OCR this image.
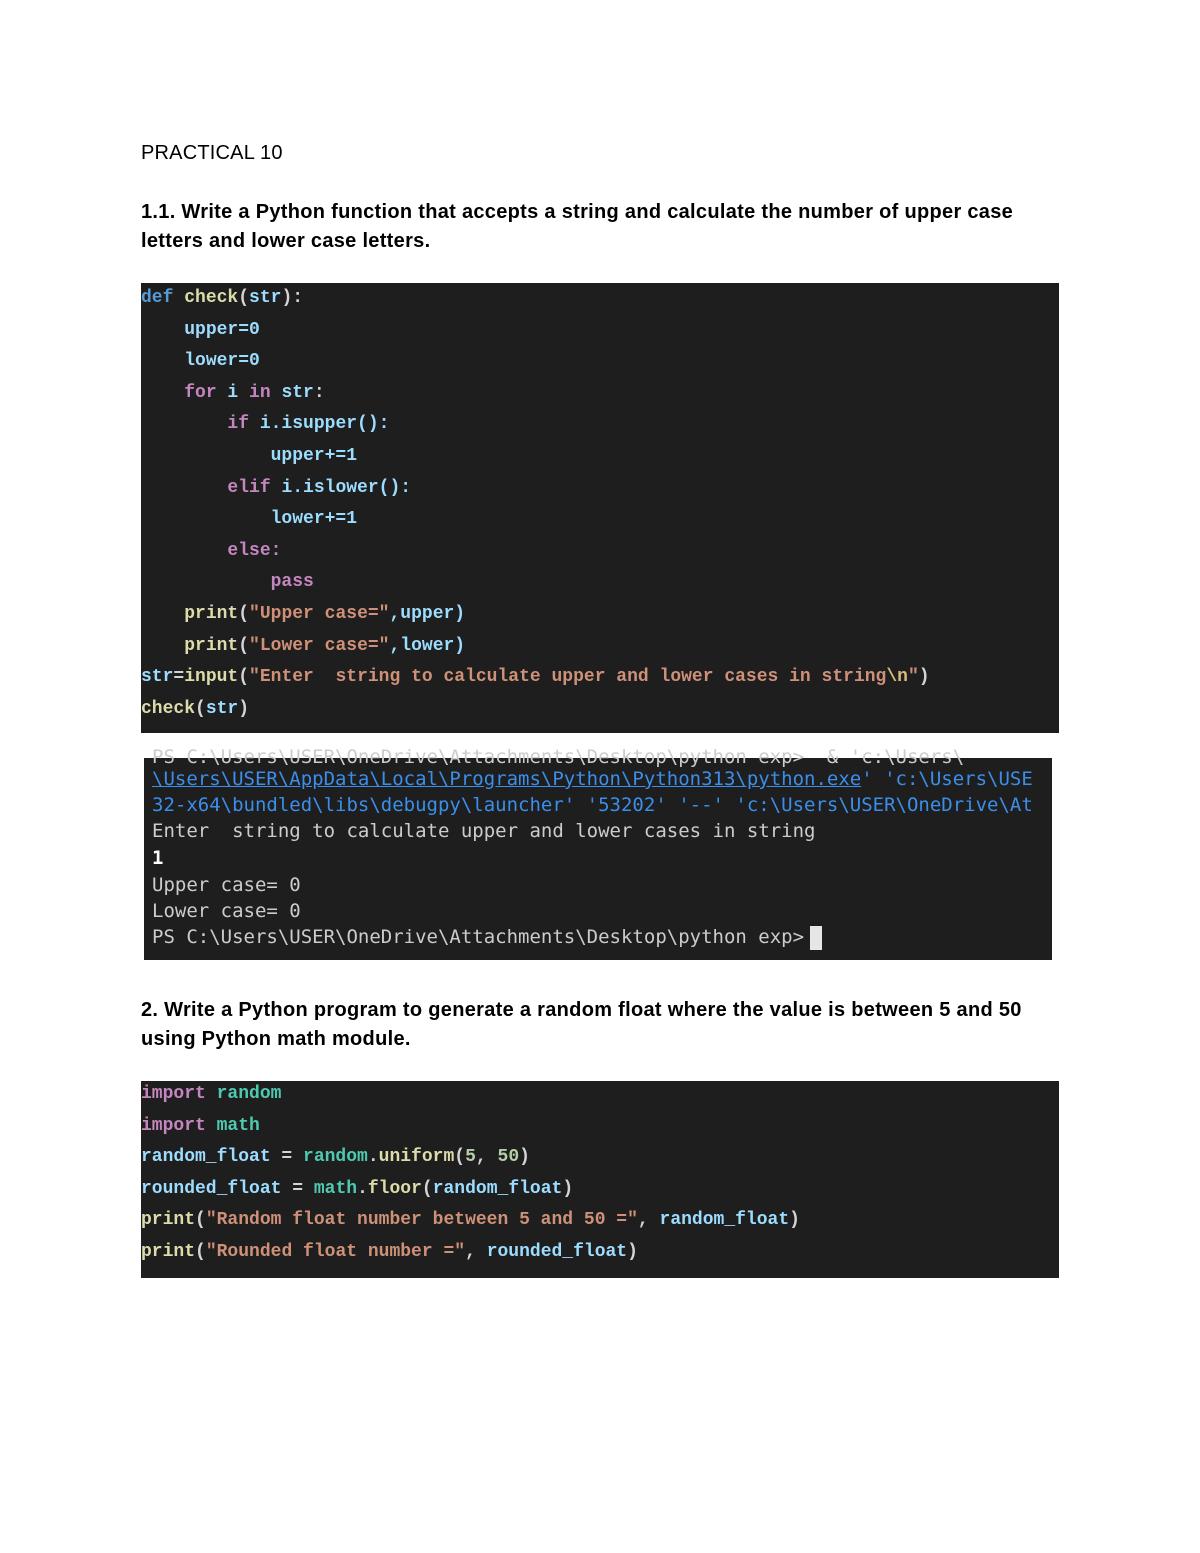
PRACTICAL 10
1.1. Write a Python function that accepts a string and calculate the number of upper case letters and lower case letters.
def check(str):
upper=0
lower=0
for i in str:
if i.isupper():
upper+=1
elif i.islower():
lower+=1
else:
pass
print("Upper case=",upper)
print("Lower case=",lower)
str=input("Enter  string to calculate upper and lower cases in string\n")
check(str)
PS C:\Users\USER\OneDrive\Attachments\Desktop\python exp>  & 'c:\Users\
\Users\USER\AppData\Local\Programs\Python\Python313\python.exe' 'c:\Users\USE
32-x64\bundled\libs\debugpy\launcher' '53202' '--' 'c:\Users\USER\OneDrive\At
Enter  string to calculate upper and lower cases in string
1
Upper case= 0
Lower case= 0
PS C:\Users\USER\OneDrive\Attachments\Desktop\python exp>
2. Write a Python program to generate a random float where the value is between 5 and 50 using Python math module.
import random
import math
random_float = random.uniform(5, 50)
rounded_float = math.floor(random_float)
print("Random float number between 5 and 50 =", random_float)
print("Rounded float number =", rounded_float)
